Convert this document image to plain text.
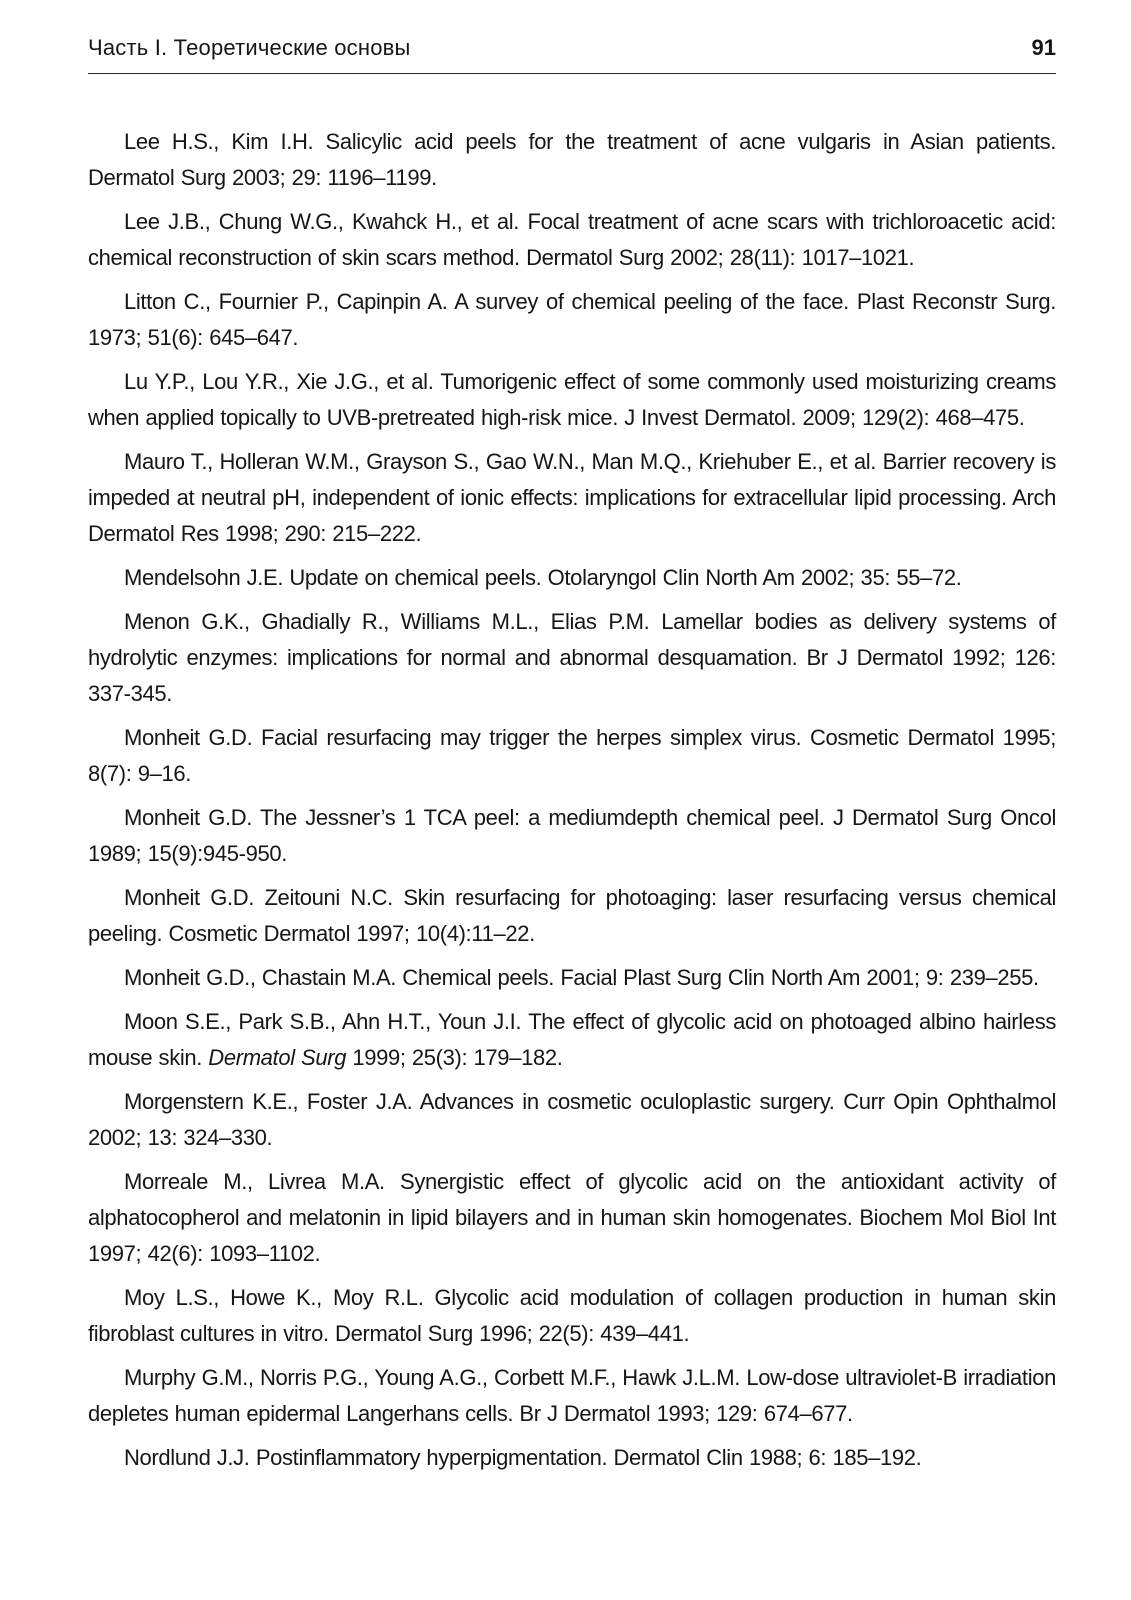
Часть I. Теоретические основы	91
Lee H.S., Kim I.H. Salicylic acid peels for the treatment of acne vulgaris in Asian patients. Dermatol Surg 2003; 29: 1196–1199.
Lee J.B., Chung W.G., Kwahck H., et al. Focal treatment of acne scars with trichloroacetic acid: chemical reconstruction of skin scars method. Dermatol Surg 2002; 28(11): 1017–1021.
Litton C., Fournier P., Capinpin A. A survey of chemical peeling of the face. Plast Reconstr Surg. 1973; 51(6): 645–647.
Lu Y.P., Lou Y.R., Xie J.G., et al. Tumorigenic effect of some commonly used moisturizing creams when applied topically to UVB-pretreated high-risk mice. J Invest Dermatol. 2009; 129(2): 468–475.
Mauro T., Holleran W.M., Grayson S., Gao W.N., Man M.Q., Kriehuber E., et al. Barrier recovery is impeded at neutral pH, independent of ionic effects: implications for extracellular lipid processing. Arch Dermatol Res 1998; 290: 215–222.
Mendelsohn J.E. Update on chemical peels. Otolaryngol Clin North Am 2002; 35: 55–72.
Menon G.K., Ghadially R., Williams M.L., Elias P.M. Lamellar bodies as delivery systems of hydrolytic enzymes: implications for normal and abnormal desquamation. Br J Dermatol 1992; 126: 337-345.
Monheit G.D. Facial resurfacing may trigger the herpes simplex virus. Cosmetic Dermatol 1995; 8(7): 9–16.
Monheit G.D. The Jessner’s 1 TCA peel: a mediumdepth chemical peel. J Dermatol Surg Oncol 1989; 15(9):945-950.
Monheit G.D. Zeitouni N.C. Skin resurfacing for photoaging: laser resurfacing versus chemical peeling. Cosmetic Dermatol 1997; 10(4):11–22.
Monheit G.D., Chastain M.A. Chemical peels. Facial Plast Surg Clin North Am 2001; 9: 239–255.
Moon S.E., Park S.B., Ahn H.T., Youn J.I. The effect of glycolic acid on photoaged albino hairless mouse skin. Dermatol Surg 1999; 25(3): 179–182.
Morgenstern K.E., Foster J.A. Advances in cosmetic oculoplastic surgery. Curr Opin Ophthalmol 2002; 13: 324–330.
Morreale M., Livrea M.A. Synergistic effect of glycolic acid on the antioxidant activity of alphatocopherol and melatonin in lipid bilayers and in human skin homogenates. Biochem Mol Biol Int 1997; 42(6): 1093–1102.
Moy L.S., Howe K., Moy R.L. Glycolic acid modulation of collagen production in human skin fibroblast cultures in vitro. Dermatol Surg 1996; 22(5): 439–441.
Murphy G.M., Norris P.G., Young A.G., Corbett M.F., Hawk J.L.M. Low-dose ultraviolet-B irradiation depletes human epidermal Langerhans cells. Br J Dermatol 1993; 129: 674–677.
Nordlund J.J. Postinflammatory hyperpigmentation. Dermatol Clin 1988; 6: 185–192.
